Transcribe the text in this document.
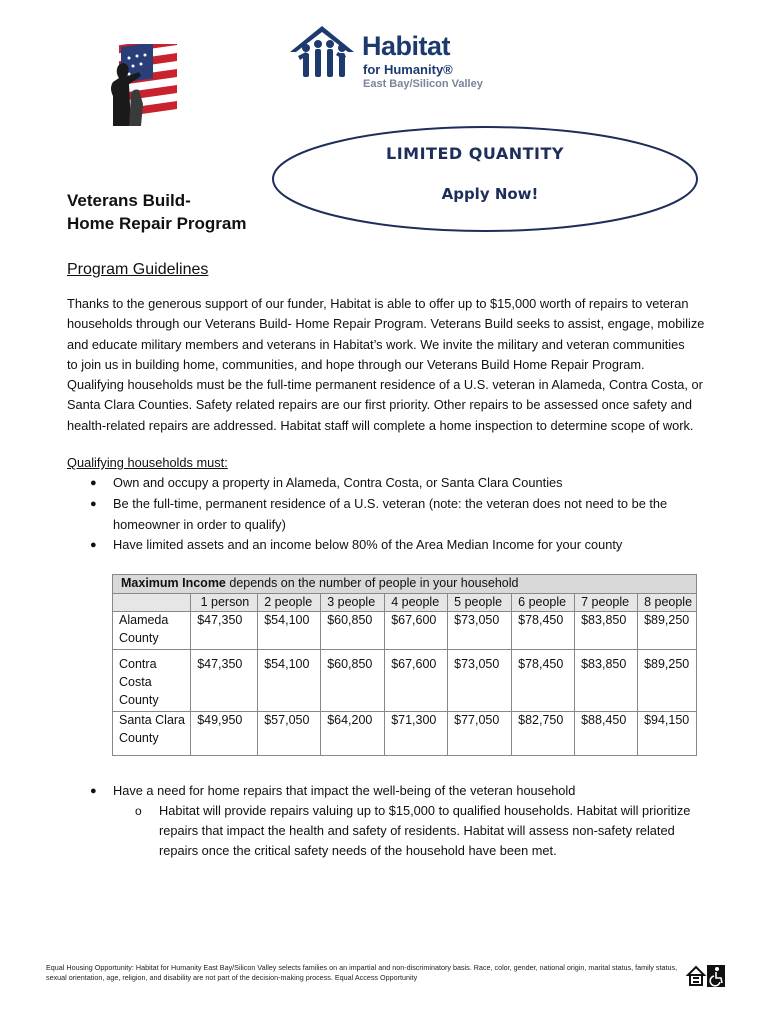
Habitat
for Humanity®
East Bay/Silicon Valley
LIMITED QUANTITY
Apply Now!
Veterans Build-
Home Repair Program
Program Guidelines
Thanks to the generous support of our funder, Habitat is able to offer up to $15,000 worth of repairs to veteran
households through our Veterans Build- Home Repair Program. Veterans Build seeks to assist, engage, mobilize
and educate military members and veterans in Habitat’s work. We invite the military and veteran communities
to join us in building home, communities, and hope through our Veterans Build Home Repair Program.
Qualifying households must be the full-time permanent residence of a U.S. veteran in Alameda, Contra Costa, or
Santa Clara Counties. Safety related repairs are our first priority. Other repairs to be assessed once safety and
health-related repairs are addressed. Habitat staff will complete a home inspection to determine scope of work.
Qualifying households must:
● Own and occupy a property in Alameda, Contra Costa, or Santa Clara Counties
● Be the full-time, permanent residence of a U.S. veteran (note: the veteran does not need to be the homeowner in order to qualify)
● Have limited assets and an income below 80% of the Area Median Income for your county
Maximum Income depends on the number of people in your household								
	1 person	2 people	3 people	4 people	5 people	6 people	7 people	8 people
Alameda County	$47,350	$54,100	$60,850	$67,600	$73,050	$78,450	$83,850	$89,250
Contra Costa County	$47,350	$54,100	$60,850	$67,600	$73,050	$78,450	$83,850	$89,250
Santa Clara County	$49,950	$57,050	$64,200	$71,300	$77,050	$82,750	$88,450	$94,150
● Have a need for home repairs that impact the well-being of the veteran household
o Habitat will provide repairs valuing up to $15,000 to qualified households. Habitat will prioritize repairs that impact the health and safety of residents. Habitat will assess non-safety related repairs once the critical safety needs of the household have been met.
Equal Housing Opportunity: Habitat for Humanity East Bay/Silicon Valley selects families on an impartial and non-discriminatory basis. Race, color, gender, national origin, marital status, family status, sexual orientation, age, religion, and disability are not part of the decision-making process. Equal Access Opportunity
